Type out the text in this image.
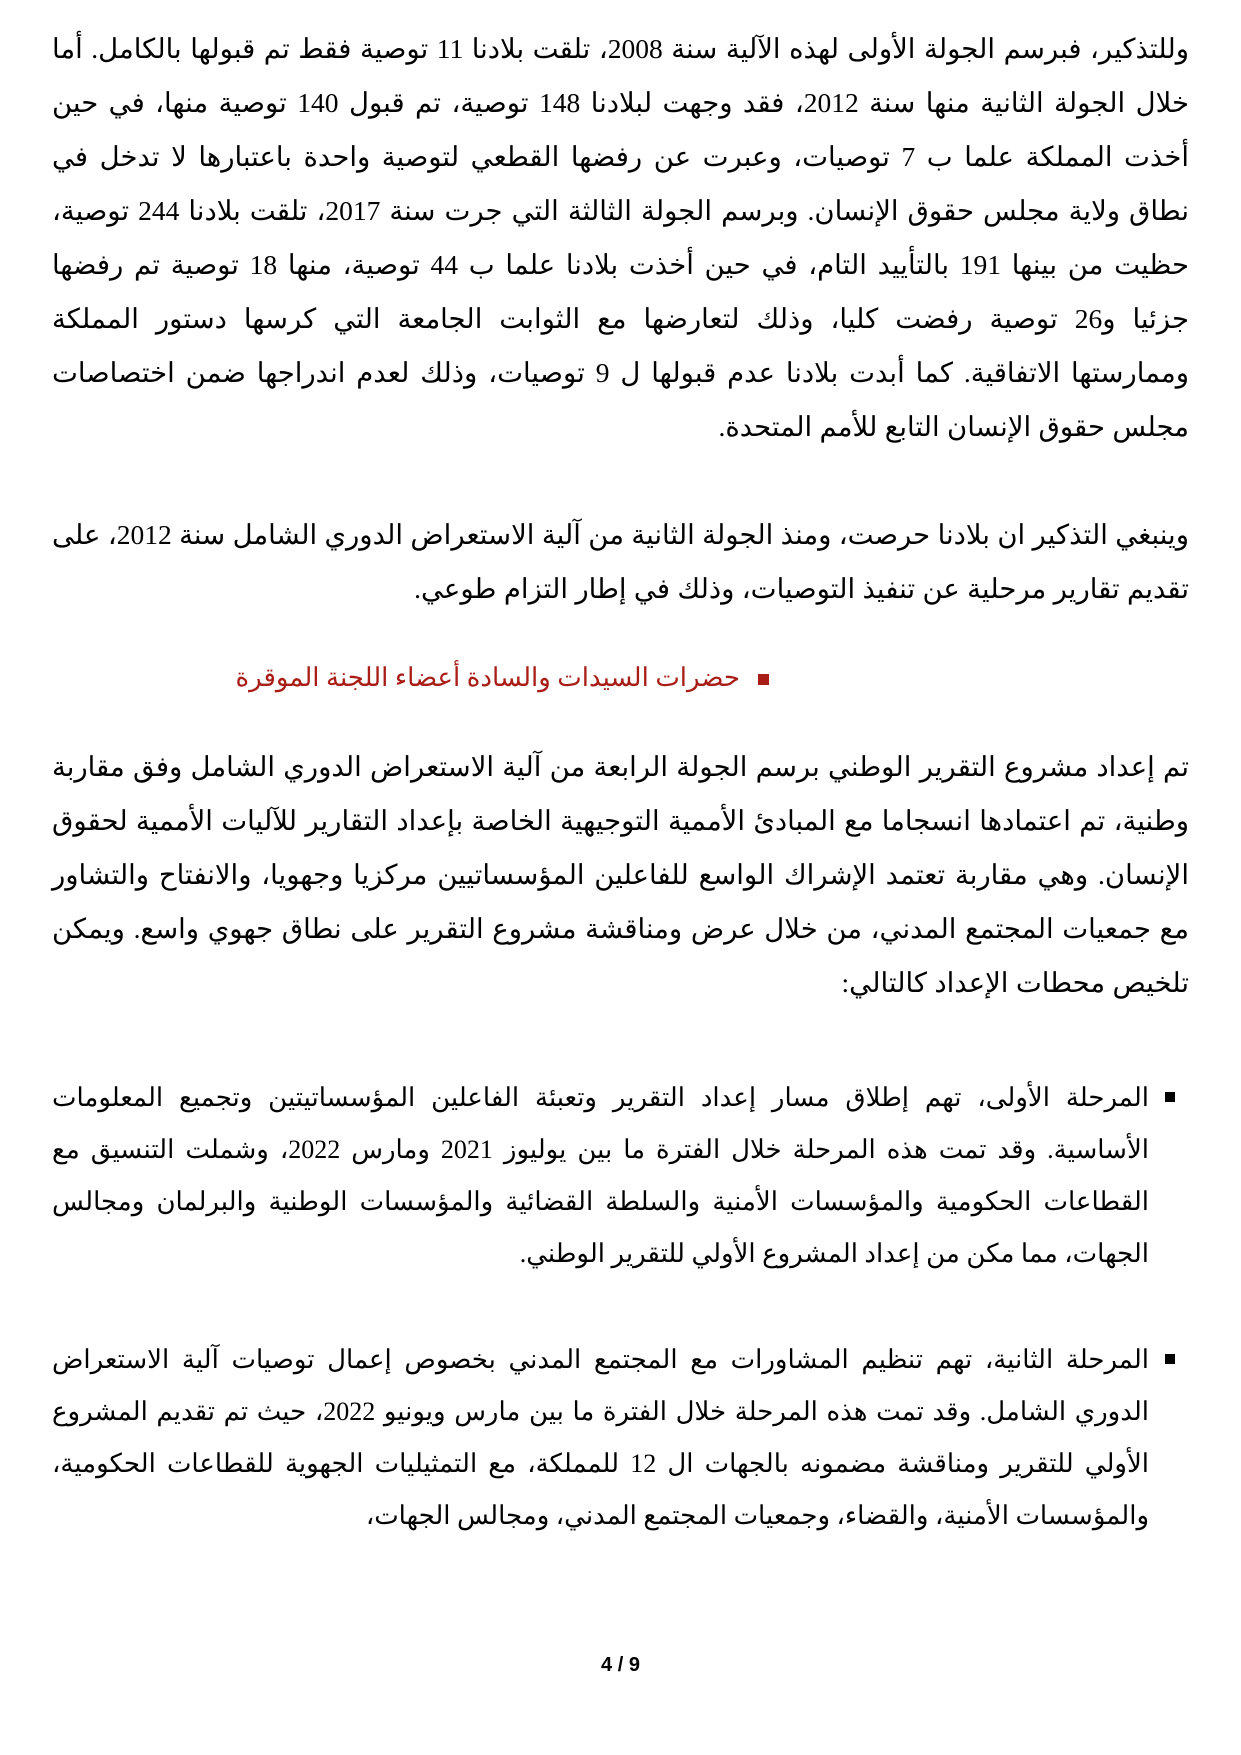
وللتذكير، فبرسم الجولة الأولى لهذه الآلية سنة 2008، تلقت بلادنا 11 توصية فقط تم قبولها بالكامل. أما خلال الجولة الثانية منها سنة 2012، فقد وجهت لبلادنا 148 توصية، تم قبول 140 توصية منها، في حين أخذت المملكة علما ب 7 توصيات، وعبرت عن رفضها القطعي لتوصية واحدة باعتبارها لا تدخل في نطاق ولاية مجلس حقوق الإنسان. وبرسم الجولة الثالثة التي جرت سنة 2017، تلقت بلادنا 244 توصية، حظيت من بينها 191 بالتأييد التام، في حين أخذت بلادنا علما ب 44 توصية، منها 18 توصية تم رفضها جزئيا و26 توصية رفضت كليا، وذلك لتعارضها مع الثوابت الجامعة التي كرسها دستور المملكة وممارستها الاتفاقية. كما أبدت بلادنا عدم قبولها ل 9 توصيات، وذلك لعدم اندراجها ضمن اختصاصات مجلس حقوق الإنسان التابع للأمم المتحدة.

وينبغي التذكير ان بلادنا حرصت، ومنذ الجولة الثانية من آلية الاستعراض الدوري الشامل سنة 2012، على تقديم تقارير مرحلية عن تنفيذ التوصيات، وذلك في إطار التزام طوعي.

حضرات السيدات والسادة أعضاء اللجنة الموقرة

تم إعداد مشروع التقرير الوطني برسم الجولة الرابعة من آلية الاستعراض الدوري الشامل وفق مقاربة وطنية، تم اعتمادها انسجاما مع المبادئ الأممية التوجيهية الخاصة بإعداد التقارير للآليات الأممية لحقوق الإنسان. وهي مقاربة تعتمد الإشراك الواسع للفاعلين المؤسساتيين مركزيا وجهويا، والانفتاح والتشاور مع جمعيات المجتمع المدني، من خلال عرض ومناقشة مشروع التقرير على نطاق جهوي واسع. ويمكن تلخيص محطات الإعداد كالتالي:

المرحلة الأولى، تهم إطلاق مسار إعداد التقرير وتعبئة الفاعلين المؤسساتيتين وتجميع المعلومات الأساسية. وقد تمت هذه المرحلة خلال الفترة ما بين يوليوز 2021 ومارس 2022، وشملت التنسيق مع القطاعات الحكومية والمؤسسات الأمنية والسلطة القضائية والمؤسسات الوطنية والبرلمان ومجالس الجهات، مما مكن من إعداد المشروع الأولي للتقرير الوطني.
المرحلة الثانية، تهم تنظيم المشاورات مع المجتمع المدني بخصوص إعمال توصيات آلية الاستعراض الدوري الشامل. وقد تمت هذه المرحلة خلال الفترة ما بين مارس ويونيو 2022، حيث تم تقديم المشروع الأولي للتقرير ومناقشة مضمونه بالجهات ال 12 للمملكة، مع التمثيليات الجهوية للقطاعات الحكومية، والمؤسسات الأمنية، والقضاء، وجمعيات المجتمع المدني، ومجالس الجهات،
4 / 9
